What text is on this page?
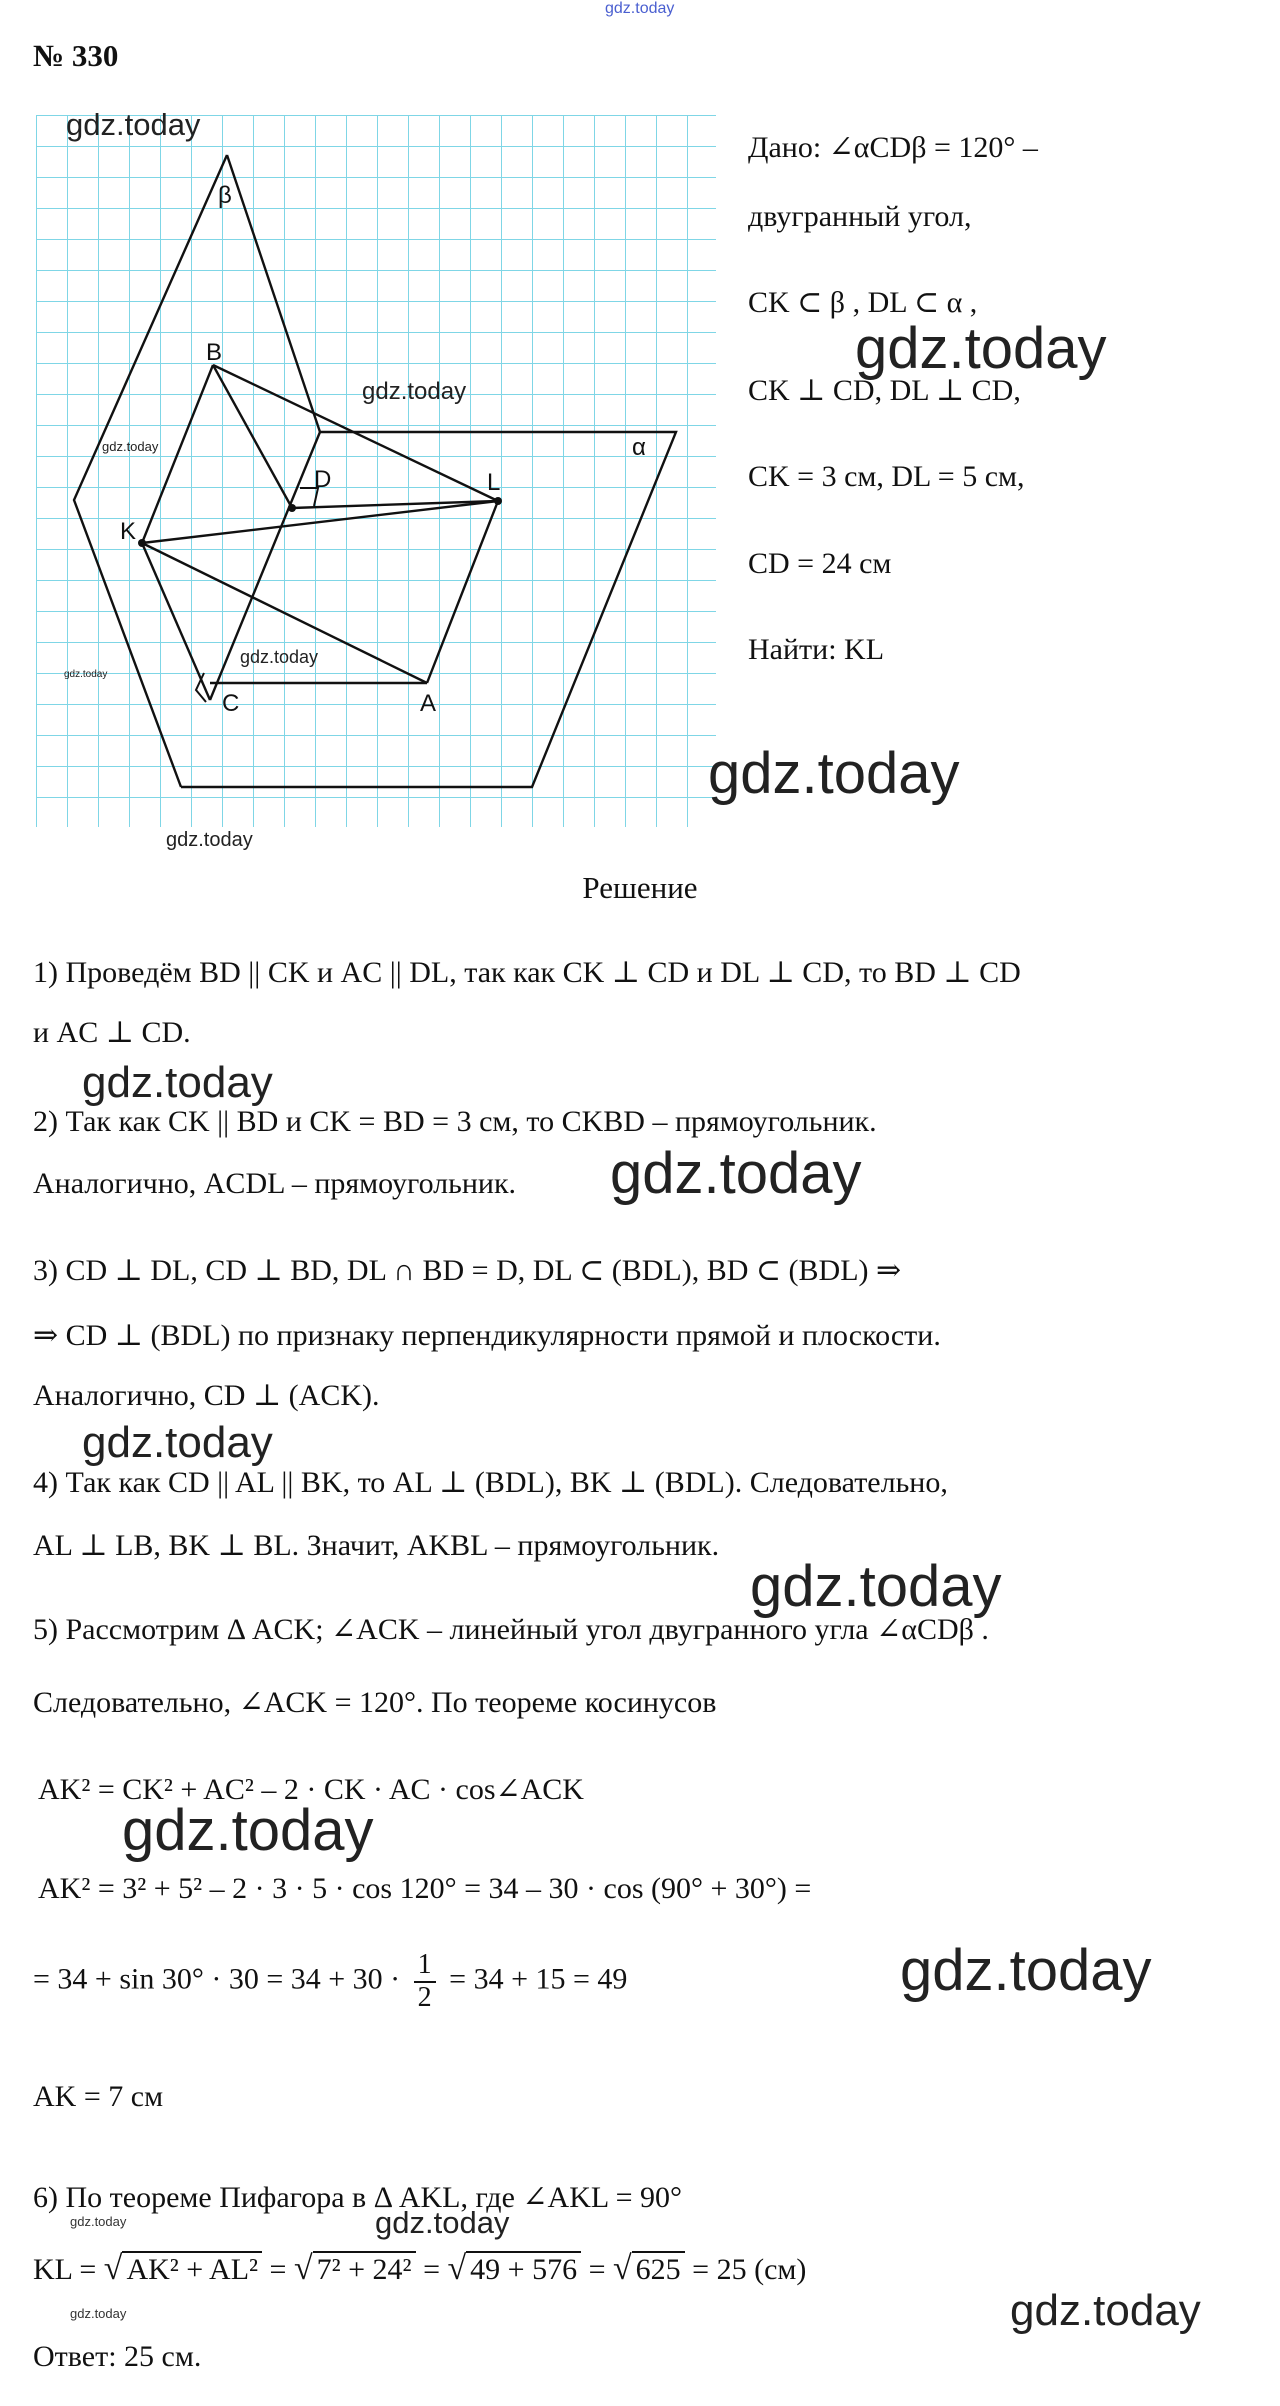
gdz.today
№ 330
β
α
B
D	L
K
C	A
gdz.today
gdz.today
gdz.today
gdz.today
gdz.today
gdz.today
Дано: ∠αCDβ = 120° –
двугранный угол,
CK ⊂ β , DL ⊂ α ,
CK ⊥ CD, DL ⊥ CD,
CK = 3 см, DL = 5 см,
CD = 24 см
Найти: KL
gdz.today
gdz.today
Решение
1) Проведём BD || CK и AC || DL, так как CK ⊥ CD и DL ⊥ CD, то BD ⊥ CD
и AC ⊥ CD.
gdz.today
2) Так как CK || BD и CK = BD = 3 см, то CKBD – прямоугольник.
Аналогично, ACDL – прямоугольник. gdz.today
3) CD ⊥ DL, CD ⊥ BD, DL ∩ BD = D, DL ⊂ (BDL), BD ⊂ (BDL) ⇒
⇒ CD ⊥ (BDL) по признаку перпендикулярности прямой и плоскости.
Аналогично, CD ⊥ (ACK).
gdz.today
4) Так как CD || AL || BK, то AL ⊥ (BDL), BK ⊥ (BDL). Следовательно,
AL ⊥ LB, BK ⊥ BL. Значит, AKBL – прямоугольник.
gdz.today
5) Рассмотрим Δ ACK; ∠ACK – линейный угол двугранного угла ∠αCDβ .
Следовательно, ∠ACK = 120°. По теореме косинусов
AK² = CK² + AC² – 2 · CK · AC · cos∠ACK
gdz.today
AK² = 3² + 5² – 2 · 3 · 5 · cos 120° = 34 – 30 · cos (90° + 30°) =
gdz.today
= $34 + \sin 30^\circ \cdot 30 = 34 + 30 \cdot \frac{1}{2} = 34 + 15 = 49$
AK = 7 см
6) По теореме Пифагора в Δ AKL, где ∠AKL = 90°
gdz.today	gdz.today
KL = √ AK² + AL² = √ 7² + 24² = √ 49 + 576 = √ 625 = 25 (см)
gdz.today	gdz.today
Ответ: 25 см.
